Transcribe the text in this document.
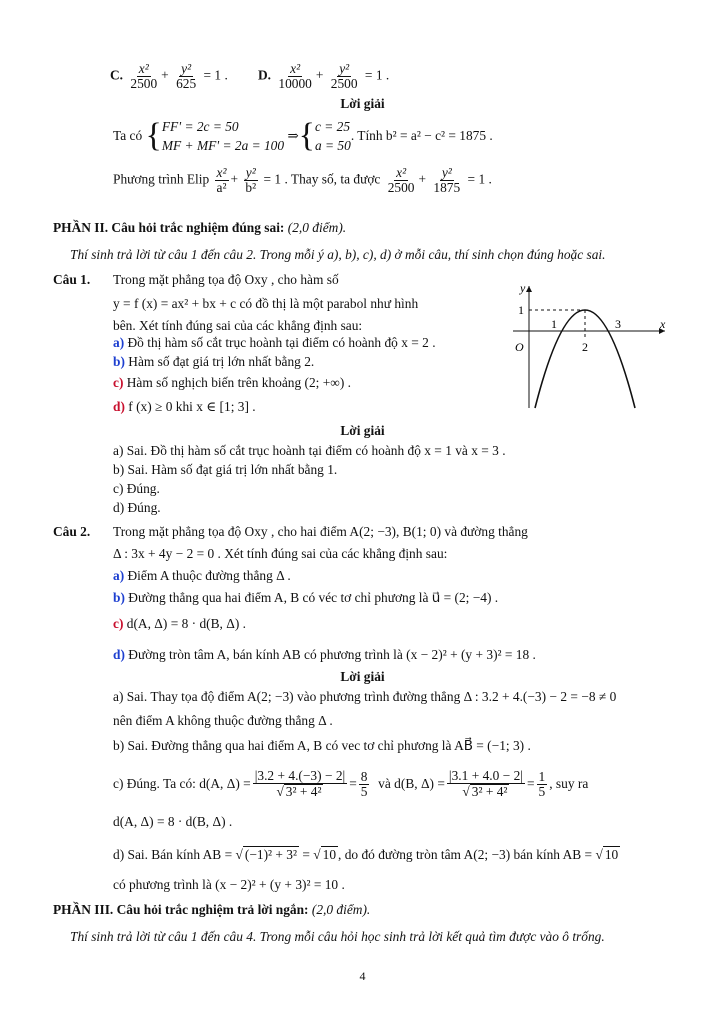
C. $\frac{\text{x²}}{2500} + \frac{\text{y²}}{625} = 1$ . D. $\frac{\text{x²}}{10000} + \frac{\text{y²}}{2500} = 1$ .
Lời giải
Ta có
{ FF' = 2c = 50
MF + MF' = 2a = 100

⇒ { c = 25
a = 50
. Tính b² = a² − c² = 1875 .
Phương trình Elip $\frac{\text{x²}}{\text{a²}} + \frac{\text{y²}}{\text{b²}} = 1$ . Thay số, ta được $\frac{\text{x²}}{2500} + \frac{\text{y²}}{1875} = 1$ .
PHẦN II. Câu hỏi trắc nghiệm đúng sai: (2,0 điểm).
Thí sinh trả lời từ câu 1 đến câu 2. Trong mỗi ý a), b), c), d) ở mỗi câu, thí sinh chọn đúng hoặc sai.
Câu 1. Trong mặt phẳng tọa độ Oxy , cho hàm số
y = f (x) = ax² + bx + c có đồ thị là một parabol như hình
bên. Xét tính đúng sai của các khẳng định sau:
a) Đồ thị hàm số cắt trục hoành tại điểm có hoành độ x = 2 .
b) Hàm số đạt giá trị lớn nhất bằng 2.
c) Hàm số nghịch biến trên khoảng (2; +∞) .
d) f (x) ≥ 0 khi x ∈ [1; 3] .
y
x
O
1
1
2
3
Lời giải
a) Sai. Đồ thị hàm số cắt trục hoành tại điểm có hoành độ x = 1 và x = 3 .
b) Sai. Hàm số đạt giá trị lớn nhất bằng 1.
c) Đúng.
d) Đúng.
Câu 2. Trong mặt phẳng tọa độ Oxy , cho hai điểm A(2; −3), B(1; 0) và đường thẳng
Δ : 3x + 4y − 2 = 0 . Xét tính đúng sai của các khẳng định sau:
a) Điểm A thuộc đường thẳng Δ .
b) Đường thẳng qua hai điểm A, B có véc tơ chỉ phương là u⃗ = (2; −4) .
c) d(A, Δ) = 8 · d(B, Δ) .
d) Đường tròn tâm A, bán kính AB có phương trình là (x − 2)² + (y + 3)² = 18 .
Lời giải
a) Sai. Thay tọa độ điểm A(2; −3) vào phương trình đường thẳng Δ : 3.2 + 4.(−3) − 2 = −8 ≠ 0
nên điểm A không thuộc đường thẳng Δ .
b) Sai. Đường thẳng qua hai điểm A, B có vec tơ chỉ phương là AB⃗ = (−1; 3) .
c) Đúng. Ta có: d(A, $\Delta) = \frac{|3.2 + 4.(-3) - 2|}{\text{√ 3² + 4²}} = \frac{8}{5}$
và d(B, $\Delta) = \frac{|3.1 + 4.0 - 2|}{\text{√ 3² + 4²}} = \frac{1}{5}$ , suy ra
d(A, Δ) = 8 · d(B, Δ) .
d) Sai. Bán kính AB = √ (−1)² + 3² = √ 10 , do đó đường tròn tâm A(2; −3) bán kính AB = √ 10
có phương trình là (x − 2)² + (y + 3)² = 10 .
PHẦN III. Câu hỏi trắc nghiệm trả lời ngắn: (2,0 điểm).
Thí sinh trả lời từ câu 1 đến câu 4. Trong mỗi câu hỏi học sinh trả lời kết quả tìm được vào ô trống.
4
